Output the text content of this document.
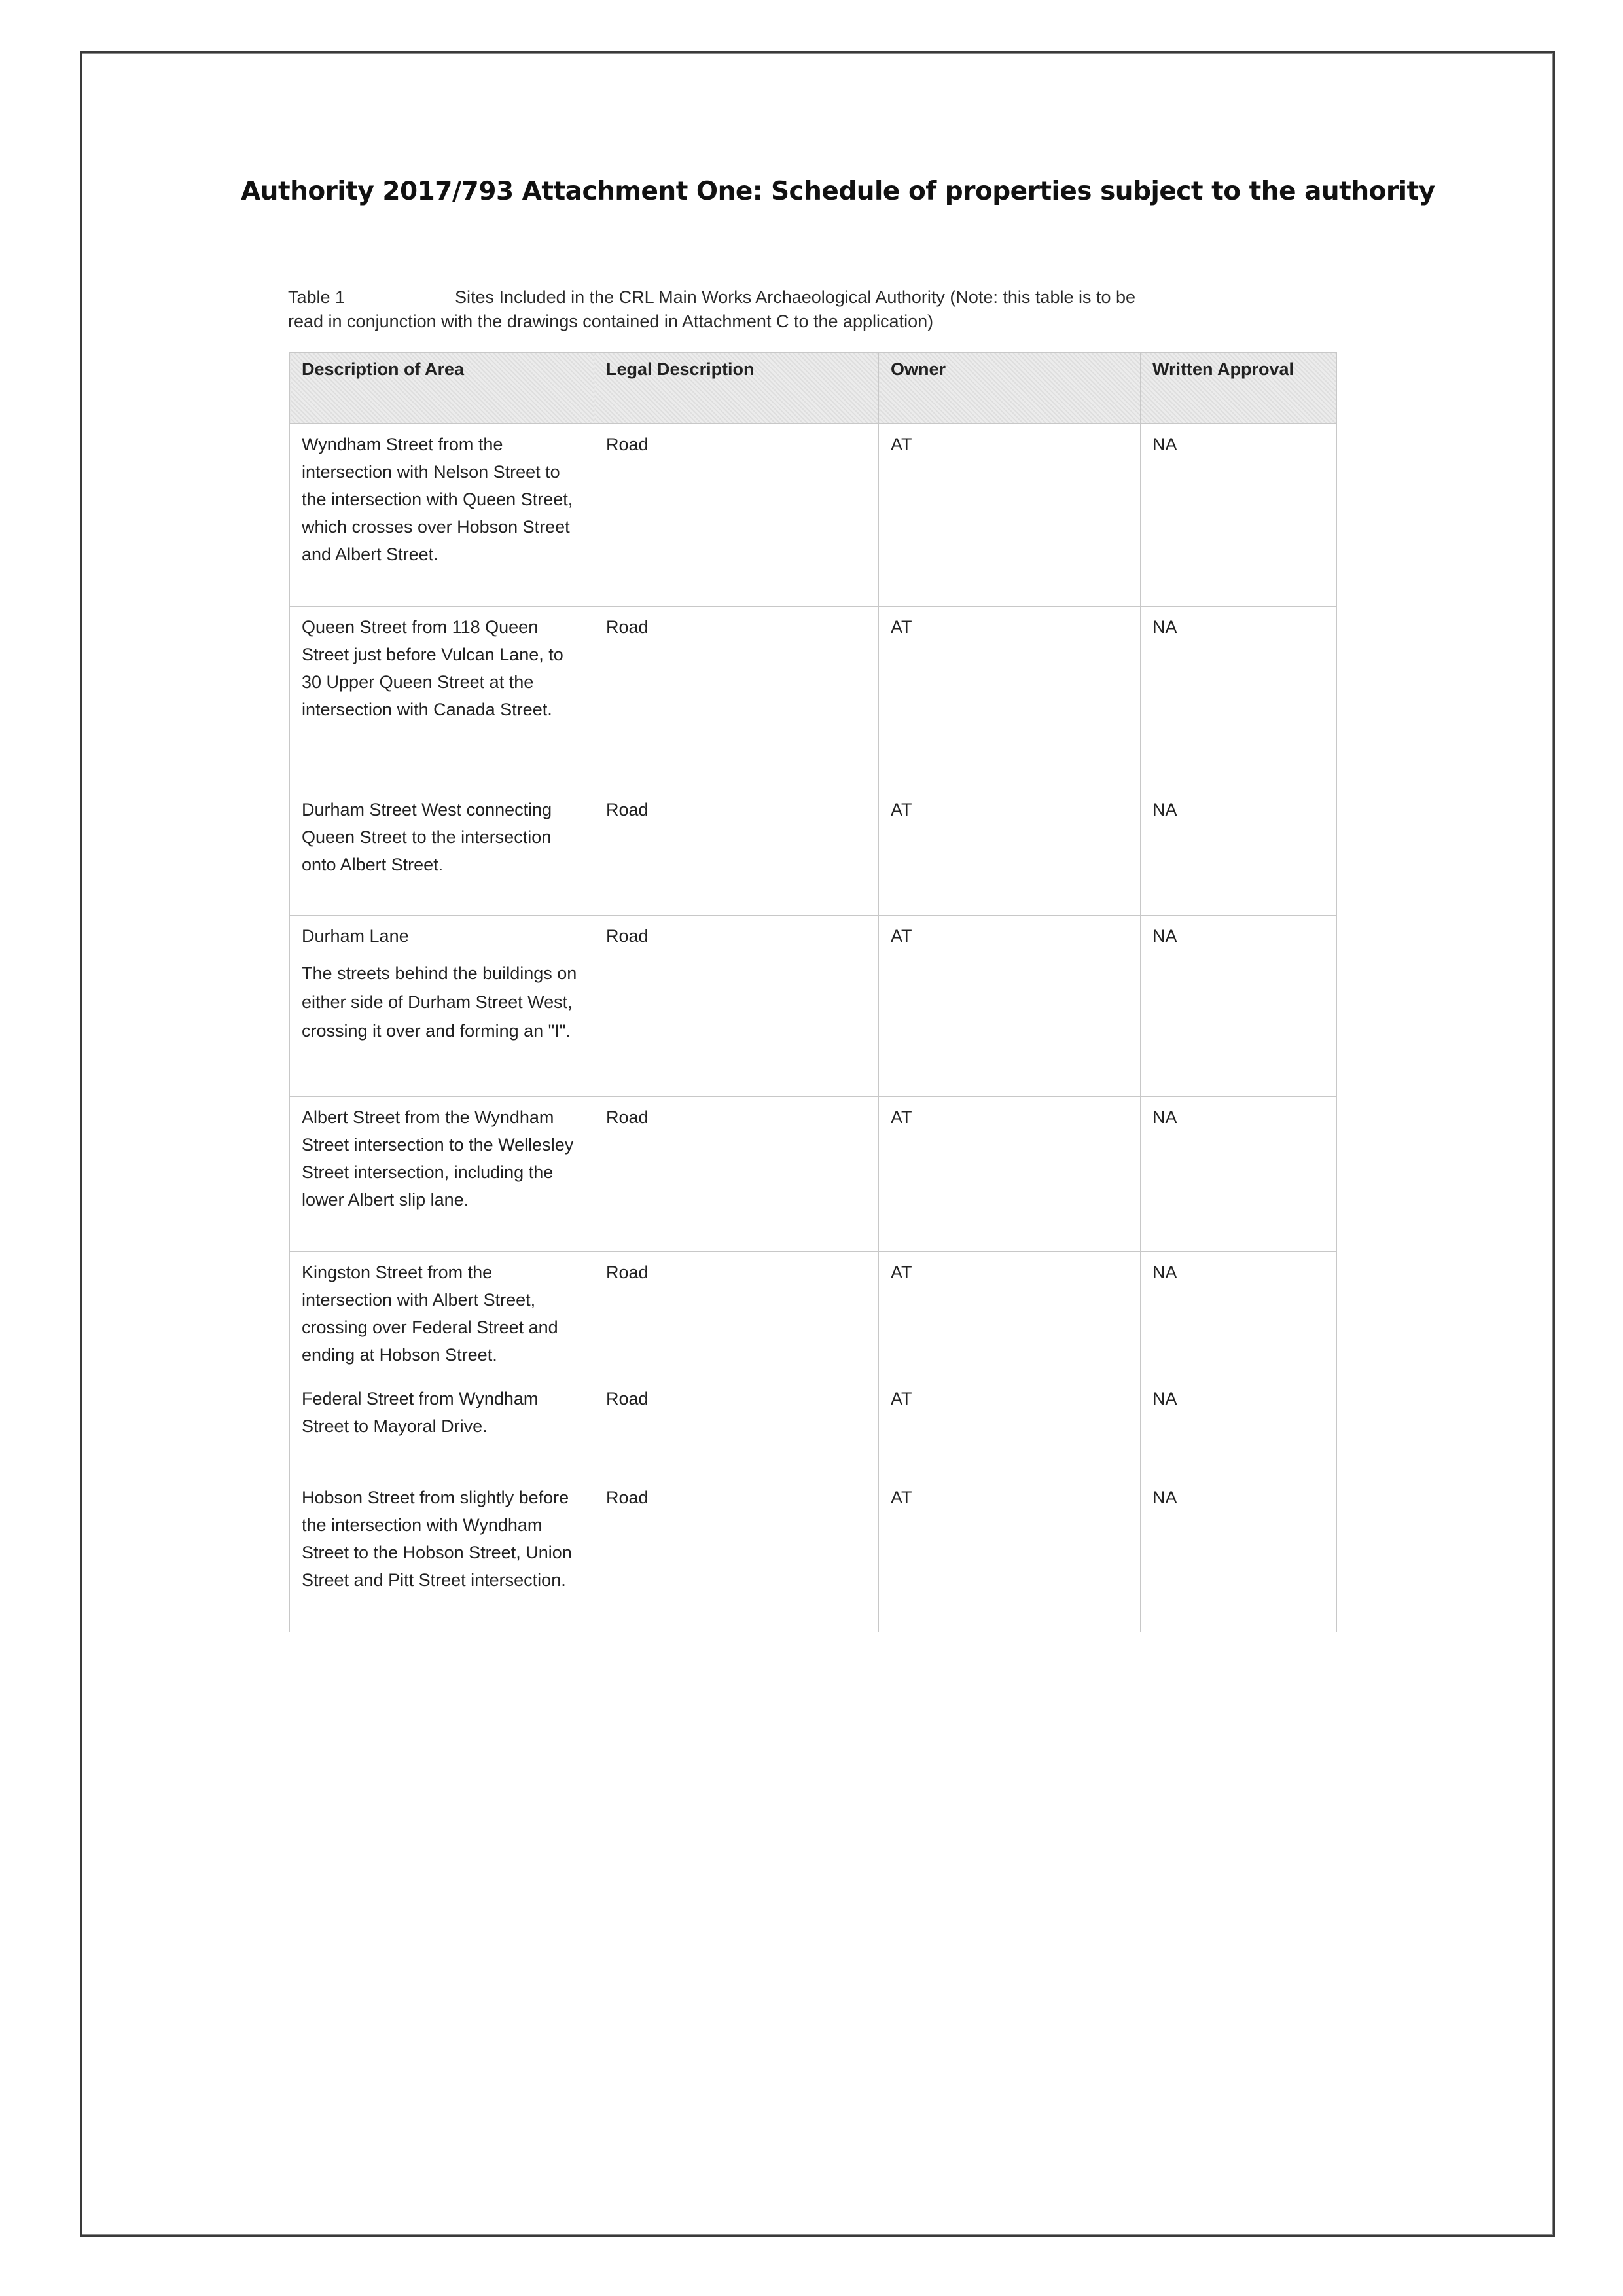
Authority 2017/793 Attachment One: Schedule of properties subject to the authority
Table 1	Sites Included in the CRL Main Works Archaeological Authority (Note: this table is to be
read in conjunction with the drawings contained in Attachment C to the application)
Description of Area	Legal Description	Owner	Written Approval

Wyndham Street from the intersection with Nelson Street to the intersection with Queen Street, which crosses over Hobson Street and Albert Street.	Road	AT	NA

Queen Street from 118 Queen Street just before Vulcan Lane, to 30 Upper Queen Street at the intersection with Canada Street.	Road	AT	NA

Durham Street West connecting Queen Street to the intersection onto Albert Street.	Road	AT	NA

Durham Lane
The streets behind the buildings on either side of Durham Street West, crossing it over and forming an "I".	Road	AT	NA

Albert Street from the Wyndham Street intersection to the Wellesley Street intersection, including the lower Albert slip lane.	Road	AT	NA

Kingston Street from the intersection with Albert Street, crossing over Federal Street and ending at Hobson Street.	Road	AT	NA

Federal Street from Wyndham Street to Mayoral Drive.	Road	AT	NA

Hobson Street from slightly before the intersection with Wyndham Street to the Hobson Street, Union Street and Pitt Street intersection.	Road	AT	NA
